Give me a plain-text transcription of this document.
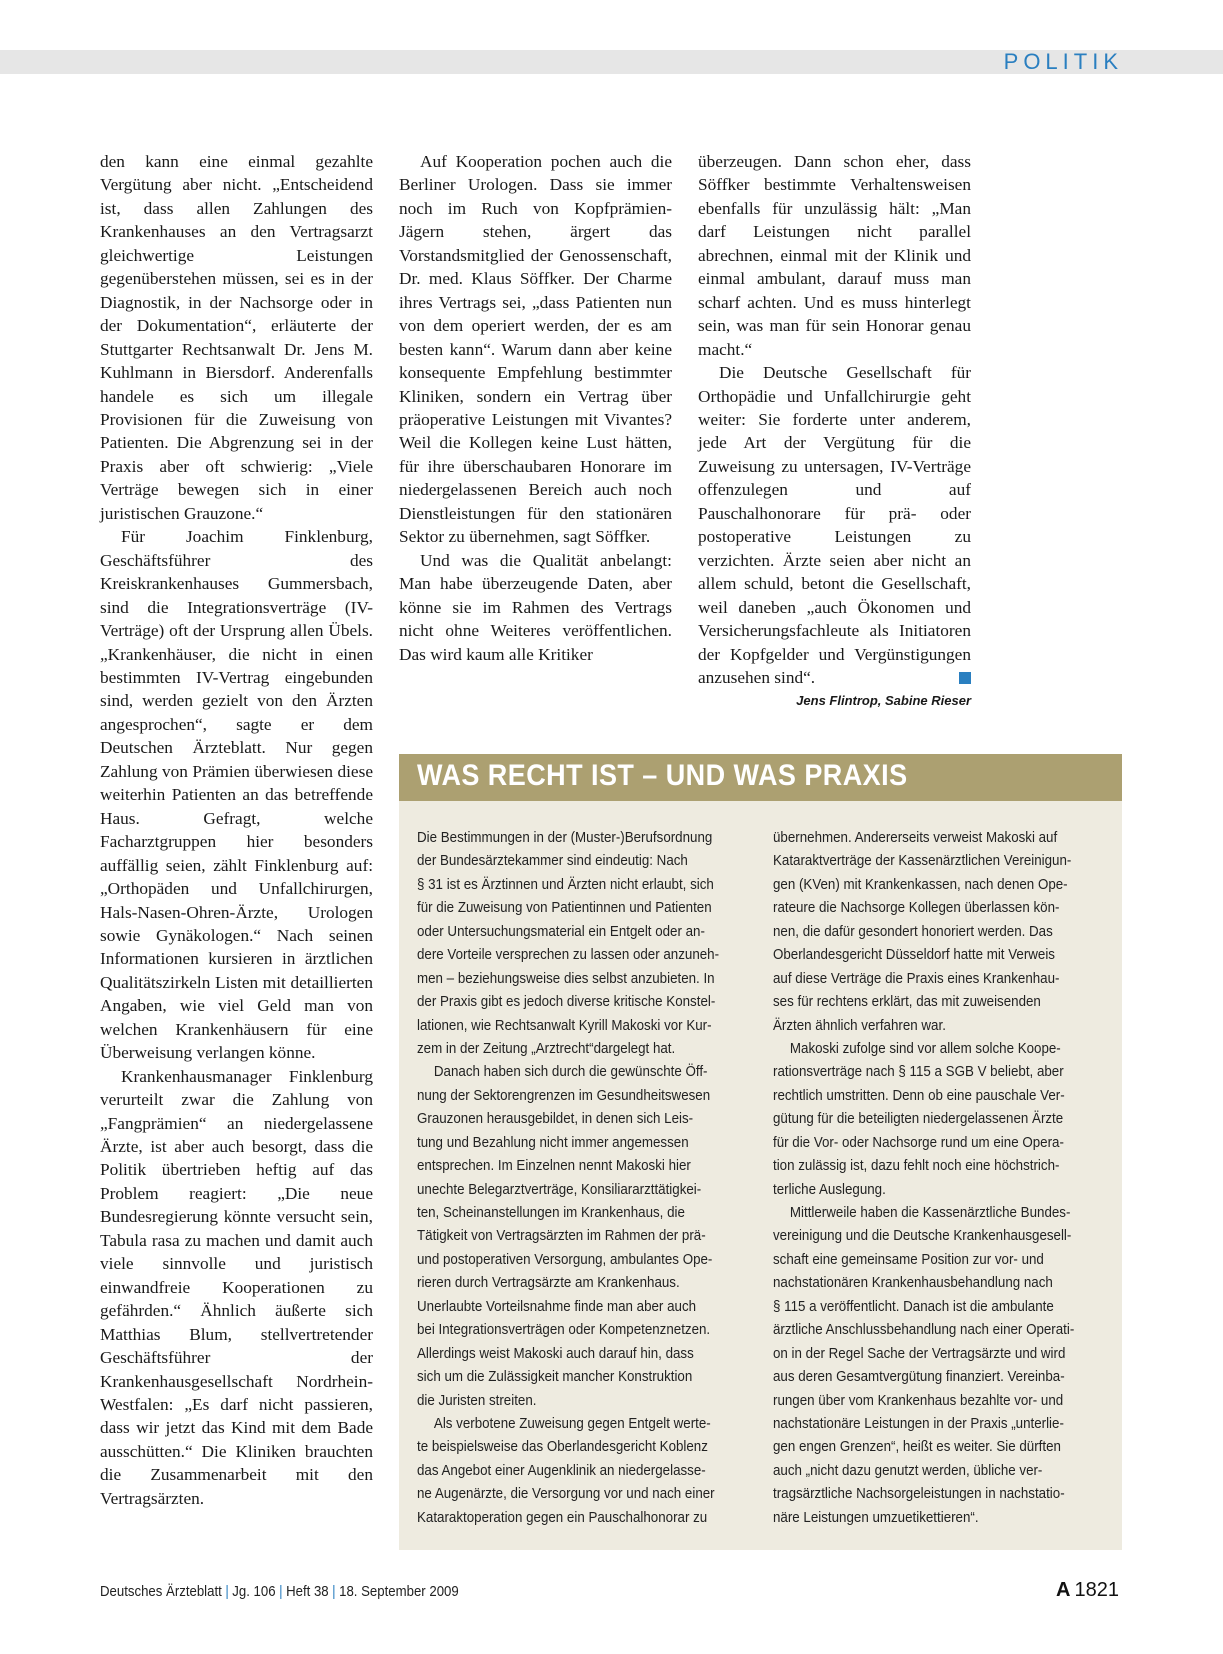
POLITIK

den kann eine einmal gezahlte Vergütung aber nicht. „Entscheidend ist, dass allen Zahlungen des Krankenhauses an den Vertragsarzt gleichwertige Leistungen gegenüberstehen müssen, sei es in der Diagnostik, in der Nachsorge oder in der Dokumentation“, erläuterte der Stuttgarter Rechtsanwalt Dr. Jens M. Kuhlmann in Biersdorf. Anderenfalls handele es sich um illegale Provisionen für die Zuweisung von Patienten. Die Abgrenzung sei in der Praxis aber oft schwierig: „Viele Verträge bewegen sich in einer juristischen Grauzone.“

Für Joachim Finklenburg, Geschäftsführer des Kreiskrankenhauses Gummersbach, sind die Integrationsverträge (IV-Verträge) oft der Ursprung allen Übels. „Krankenhäuser, die nicht in einen bestimmten IV-Vertrag eingebunden sind, werden gezielt von den Ärzten angesprochen“, sagte er dem Deutschen Ärzteblatt. Nur gegen Zahlung von Prämien überwiesen diese weiterhin Patienten an das betreffende Haus. Gefragt, welche Facharztgruppen hier besonders auffällig seien, zählt Finklenburg auf: „Orthopäden und Unfallchirurgen, Hals-Nasen-Ohren-Ärzte, Urologen sowie Gynäkologen.“ Nach seinen Informationen kursieren in ärztlichen Qualitätszirkeln Listen mit detaillierten Angaben, wie viel Geld man von welchen Krankenhäusern für eine Überweisung verlangen könne.

Krankenhausmanager Finklenburg verurteilt zwar die Zahlung von „Fangprämien“ an niedergelassene Ärzte, ist aber auch besorgt, dass die Politik übertrieben heftig auf das Problem reagiert: „Die neue Bundesregierung könnte versucht sein, Tabula rasa zu machen und damit auch viele sinnvolle und juristisch einwandfreie Kooperationen zu gefährden.“ Ähnlich äußerte sich Matthias Blum, stellvertretender Geschäftsführer der Krankenhausgesellschaft Nordrhein-Westfalen: „Es darf nicht passieren, dass wir jetzt das Kind mit dem Bade ausschütten.“ Die Kliniken brauchten die Zusammenarbeit mit den Vertragsärzten.

Auf Kooperation pochen auch die Berliner Urologen. Dass sie immer noch im Ruch von Kopfprämien-Jägern stehen, ärgert das Vorstandsmitglied der Genossenschaft, Dr. med. Klaus Söffker. Der Charme ihres Vertrags sei, „dass Patienten nun von dem operiert werden, der es am besten kann“. Warum dann aber keine konsequente Empfehlung bestimmter Kliniken, sondern ein Vertrag über präoperative Leistungen mit Vivantes? Weil die Kollegen keine Lust hätten, für ihre überschaubaren Honorare im niedergelassenen Bereich auch noch Dienstleistungen für den stationären Sektor zu übernehmen, sagt Söffker.

Und was die Qualität anbelangt: Man habe überzeugende Daten, aber könne sie im Rahmen des Vertrags nicht ohne Weiteres veröffentlichen. Das wird kaum alle Kritiker

überzeugen. Dann schon eher, dass Söffker bestimmte Verhaltensweisen ebenfalls für unzulässig hält: „Man darf Leistungen nicht parallel abrechnen, einmal mit der Klinik und einmal ambulant, darauf muss man scharf achten. Und es muss hinterlegt sein, was man für sein Honorar genau macht.“

Die Deutsche Gesellschaft für Orthopädie und Unfallchirurgie geht weiter: Sie forderte unter anderem, jede Art der Vergütung für die Zuweisung zu untersagen, IV-Verträge offenzulegen und auf Pauschalhonorare für prä- oder postoperative Leistungen zu verzichten. Ärzte seien aber nicht an allem schuld, betont die Gesellschaft, weil daneben „auch Ökonomen und Versicherungsfachleute als Initiatoren der Kopfgelder und Vergünstigungen anzusehen sind“.

Jens Flintrop, Sabine Rieser
WAS RECHT IST – UND WAS PRAXIS
Die Bestimmungen in der (Muster-)Berufsordnung
der Bundesärztekammer sind eindeutig: Nach
§ 31 ist es Ärztinnen und Ärzten nicht erlaubt, sich
für die Zuweisung von Patientinnen und Patienten
oder Untersuchungsmaterial ein Entgelt oder an-
dere Vorteile versprechen zu lassen oder anzuneh-
men – beziehungsweise dies selbst anzubieten. In
der Praxis gibt es jedoch diverse kritische Konstel-
lationen, wie Rechtsanwalt Kyrill Makoski vor Kur-
zem in der Zeitung „Arztrecht“dargelegt hat.
Danach haben sich durch die gewünschte Öff-
nung der Sektorengrenzen im Gesundheitswesen
Grauzonen herausgebildet, in denen sich Leis-
tung und Bezahlung nicht immer angemessen
entsprechen. Im Einzelnen nennt Makoski hier
unechte Belegarztverträge, Konsiliararzttätigkei-
ten, Scheinanstellungen im Krankenhaus, die
Tätigkeit von Vertragsärzten im Rahmen der prä-
und postoperativen Versorgung, ambulantes Ope-
rieren durch Vertragsärzte am Krankenhaus.
Unerlaubte Vorteilsnahme finde man aber auch
bei Integrationsverträgen oder Kompetenznetzen.
Allerdings weist Makoski auch darauf hin, dass
sich um die Zulässigkeit mancher Konstruktion
die Juristen streiten.
Als verbotene Zuweisung gegen Entgelt werte-
te beispielsweise das Oberlandesgericht Koblenz
das Angebot einer Augenklinik an niedergelasse-
ne Augenärzte, die Versorgung vor und nach einer
Kataraktoperation gegen ein Pauschalhonorar zu
übernehmen. Andererseits verweist Makoski auf
Kataraktverträge der Kassenärztlichen Vereinigun-
gen (KVen) mit Krankenkassen, nach denen Ope-
rateure die Nachsorge Kollegen überlassen kön-
nen, die dafür gesondert honoriert werden. Das
Oberlandesgericht Düsseldorf hatte mit Verweis
auf diese Verträge die Praxis eines Krankenhau-
ses für rechtens erklärt, das mit zuweisenden
Ärzten ähnlich verfahren war.
Makoski zufolge sind vor allem solche Koope-
rationsverträge nach § 115 a SGB V beliebt, aber
rechtlich umstritten. Denn ob eine pauschale Ver-
gütung für die beteiligten niedergelassenen Ärzte
für die Vor- oder Nachsorge rund um eine Opera-
tion zulässig ist, dazu fehlt noch eine höchstrich-
terliche Auslegung.
Mittlerweile haben die Kassenärztliche Bundes-
vereinigung und die Deutsche Krankenhausgesell-
schaft eine gemeinsame Position zur vor- und
nachstationären Krankenhausbehandlung nach
§ 115 a veröffentlicht. Danach ist die ambulante
ärztliche Anschlussbehandlung nach einer Operati-
on in der Regel Sache der Vertragsärzte und wird
aus deren Gesamtvergütung finanziert. Vereinba-
rungen über vom Krankenhaus bezahlte vor- und
nachstationäre Leistungen in der Praxis „unterlie-
gen engen Grenzen“, heißt es weiter. Sie dürften
auch „nicht dazu genutzt werden, übliche ver-
tragsärztliche Nachsorgeleistungen in nachstatio-
näre Leistungen umzuetikettieren“.
Deutsches Ärzteblatt | Jg. 106 | Heft 38 | 18. September 2009	A 1821
